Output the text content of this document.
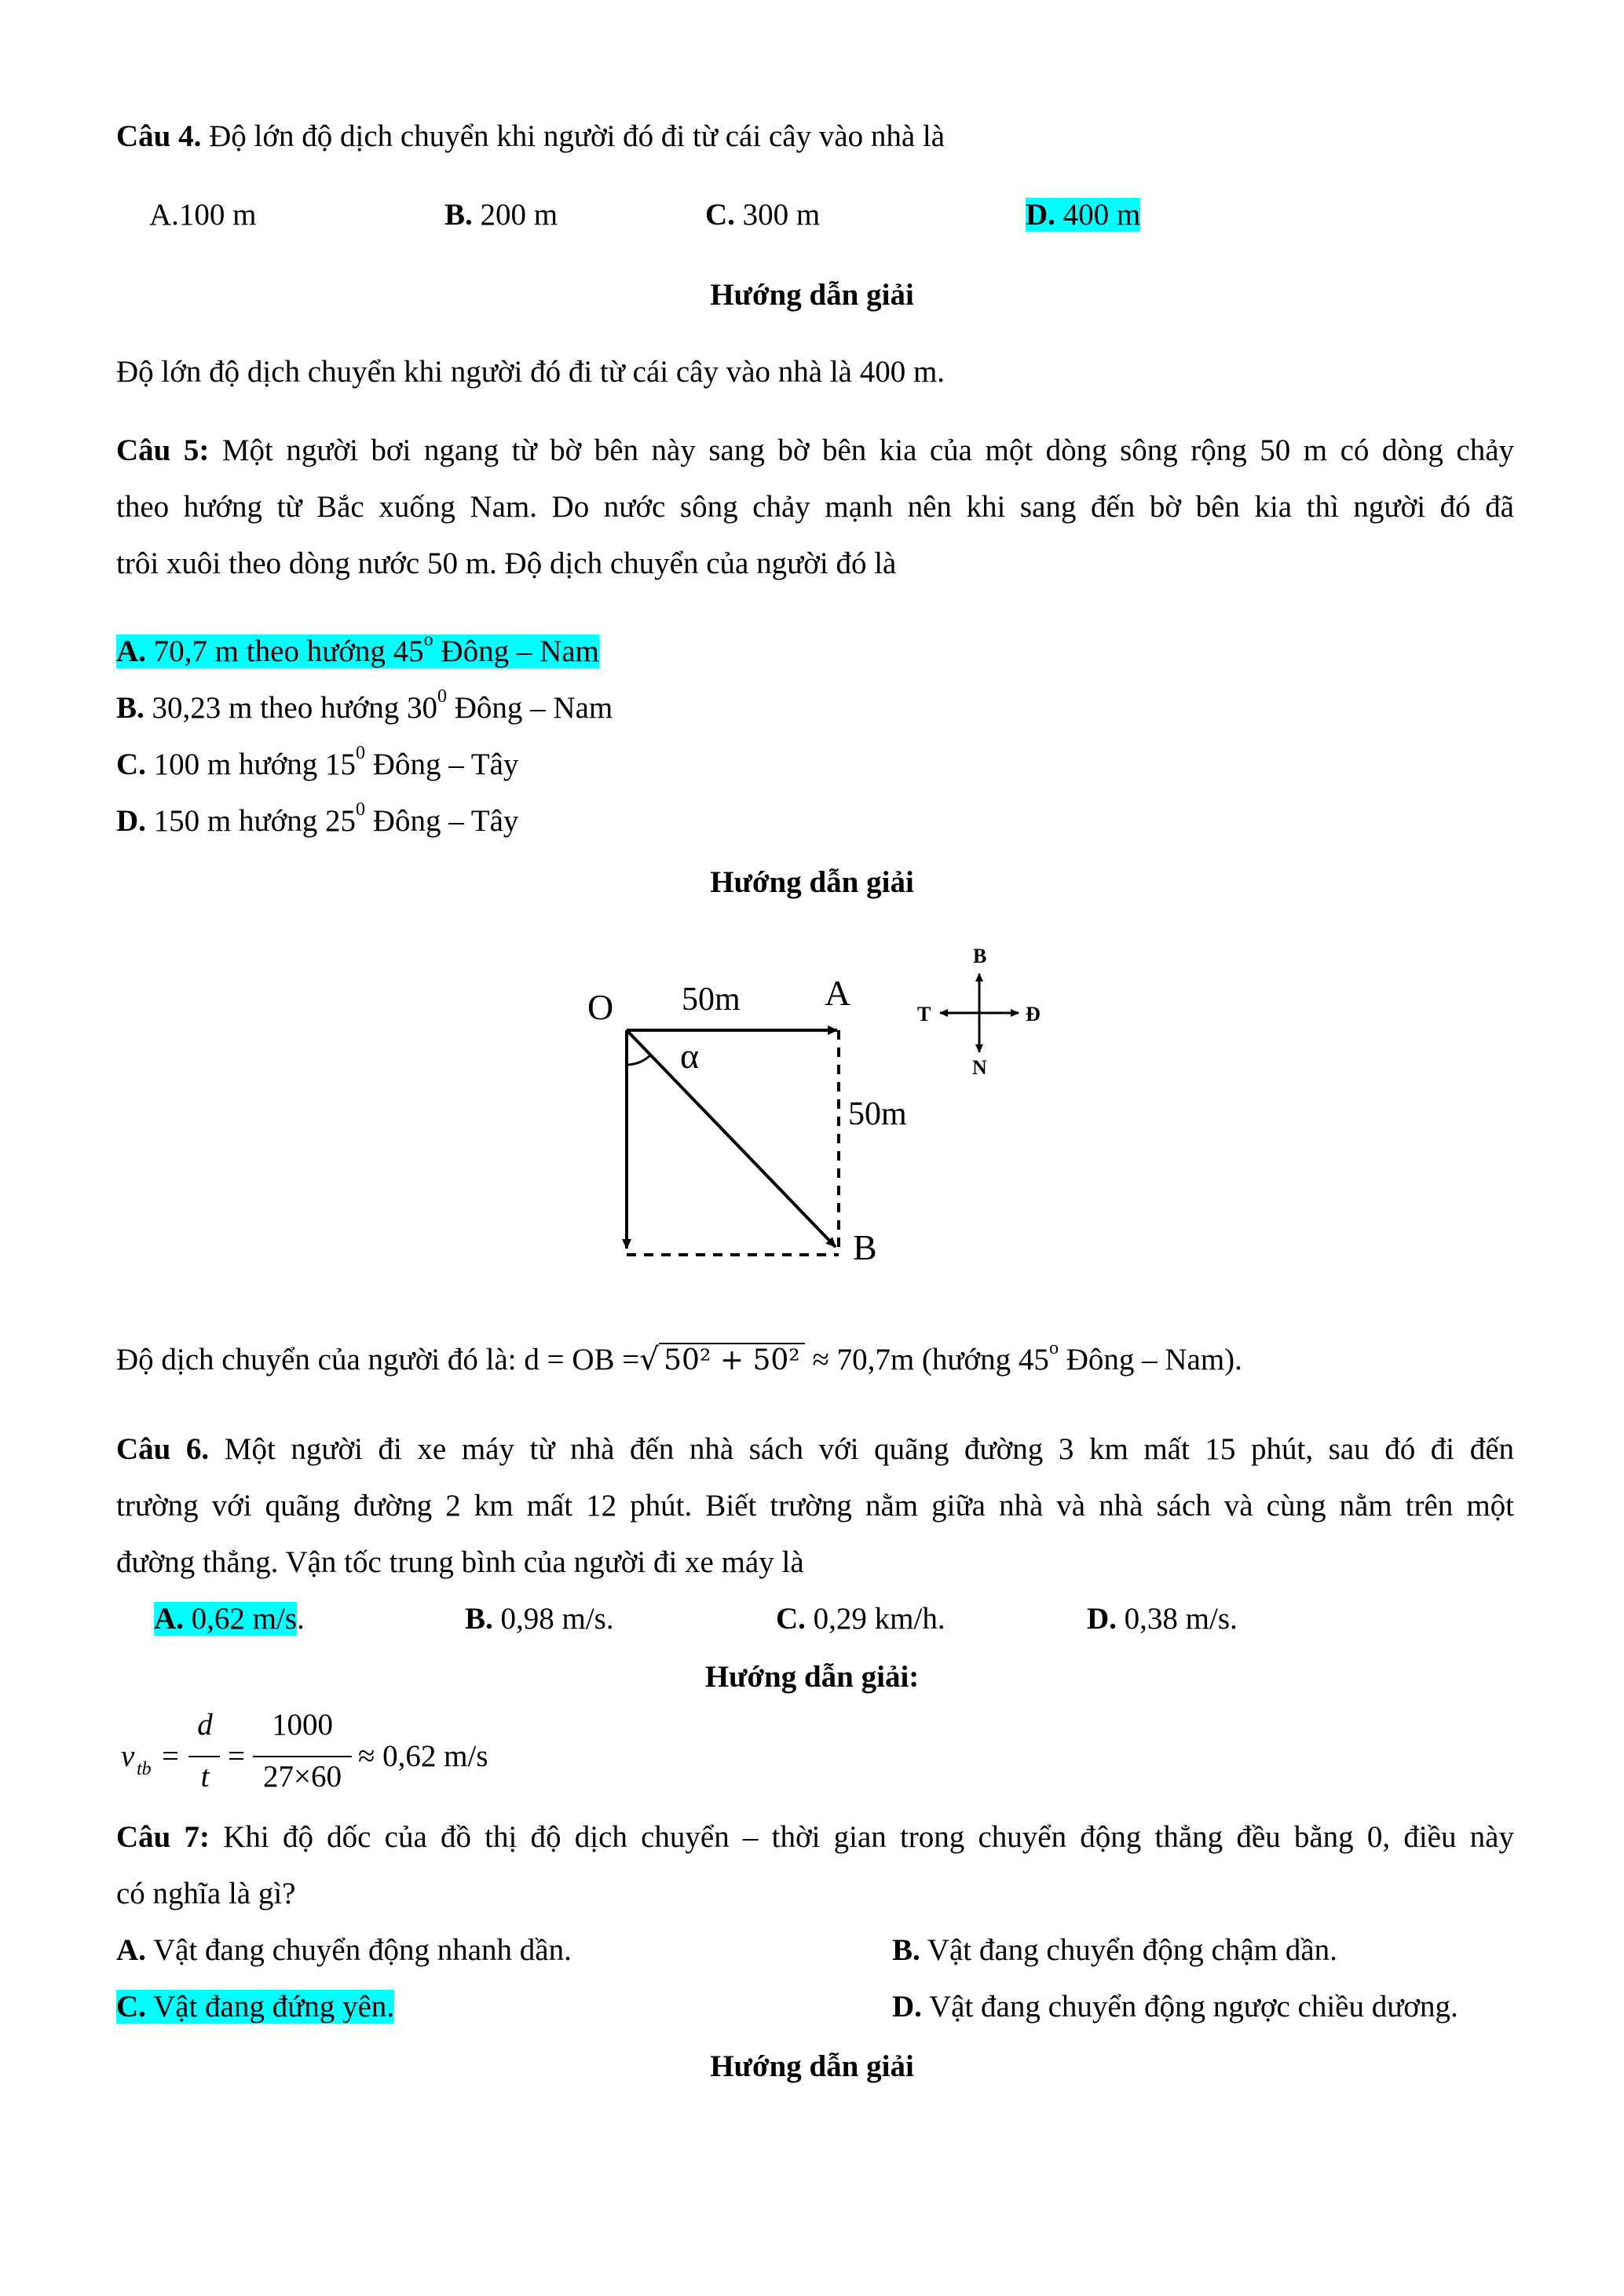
Câu 4. Độ lớn độ dịch chuyển khi người đó đi từ cái cây vào nhà là
A.100 m	B. 200 m	C. 300 m	D. 400 m
Hướng dẫn giải
Độ lớn độ dịch chuyển khi người đó đi từ cái cây vào nhà là 400 m.
Câu 5: Một người bơi ngang từ bờ bên này sang bờ bên kia của một dòng sông rộng 50 m có dòng chảy
theo hướng từ Bắc xuống Nam. Do nước sông chảy mạnh nên khi sang đến bờ bên kia thì người đó đã
trôi xuôi theo dòng nước 50 m. Độ dịch chuyển của người đó là
A. 70,7 m theo hướng 45$^o$ Đông – Nam
B. 30,23 m theo hướng $30^0$ Đông – Nam
C. 100 m hướng $15^0$ Đông – Tây
D. 150 m hướng $25^0$ Đông – Tây
Hướng dẫn giải
O	A
B
50m
50m
α
B
N
T	Đ
Độ dịch chuyển của người đó là: d = OB =√ 50² + 50² ≈ 70,7m (hướng 45$^o$ Đông – Nam).
Câu 6. Một người đi xe máy từ nhà đến nhà sách với quãng đường 3 km mất 15 phút, sau đó đi đến
trường với quãng đường 2 km mất 12 phút. Biết trường nằm giữa nhà và nhà sách và cùng nằm trên một
đường thẳng. Vận tốc trung bình của người đi xe máy là
A. 0,62 m/s.	B. 0,98 m/s.	C. 0,29 km/h.	D. 0,38 m/s.
Hướng dẫn giải:
v tb =
d
t
=
1000
27×60
≈ 0,62 m/s
Câu 7: Khi độ dốc của đồ thị độ dịch chuyển – thời gian trong chuyển động thẳng đều bằng 0, điều này
có nghĩa là gì?
A. Vật đang chuyển động nhanh dần.	B. Vật đang chuyển động chậm dần.
C. Vật đang đứng yên.	D. Vật đang chuyển động ngược chiều dương.
Hướng dẫn giải
